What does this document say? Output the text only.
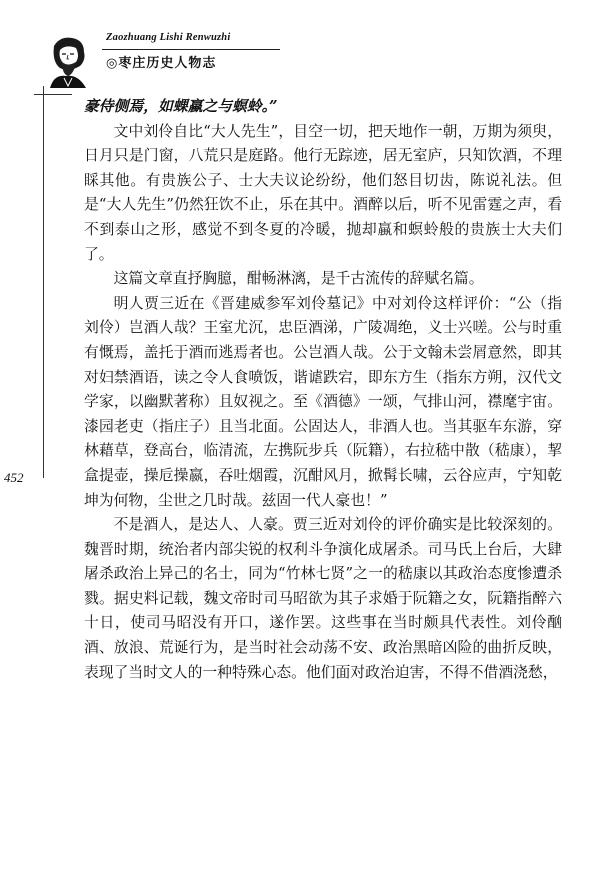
Zaozhuang Lishi Renwuzhi
◎枣庄历史人物志
452

豪侍侧焉，如蜾蠃之与螟蛉。”

文中刘伶自比“大人先生”，目空一切，把天地作一朝，万期为须臾，日月只是门窗，八荒只是庭路。他行无踪迹，居无室庐，只知饮酒，不理睬其他。有贵族公子、士大夫议论纷纷，他们怒目切齿，陈说礼法。但是“大人先生”仍然狂饮不止，乐在其中。酒醉以后，听不见雷霆之声，看不到泰山之形，感觉不到冬夏的冷暖，抛却蠃和螟蛉般的贵族士大夫们了。

这篇文章直抒胸臆，酣畅淋漓，是千古流传的辞赋名篇。

明人贾三近在《晋建威参军刘伶墓记》中对刘伶这样评价：“公（指刘伶）岂酒人哉？王室尤沉，忠臣酒涕，广陵凋绝，义士兴嗟。公与时重有慨焉，盖托于酒而逃焉者也。公岂酒人哉。公于文翰未尝屑意然，即其对妇禁酒语，读之令人食喷饭，谐谑跌宕，即东方生（指东方朔，汉代文学家，以幽默著称）且奴视之。至《酒德》一颂，气排山河，襟麾宇宙。漆园老吏（指庄子）且当北面。公固达人，非酒人也。当其驱车东游，穿林藉草，登高台，临清流，左携阮步兵（阮籍），右拉嵇中散（嵇康），挈盒提壶，操卮操嬴，吞吐烟霞，沉酣风月，掀髯长啸，云谷应声，宁知乾坤为何物，尘世之几时哉。兹固一代人豪也！”

不是酒人，是达人、人豪。贾三近对刘伶的评价确实是比较深刻的。魏晋时期，统治者内部尖锐的权利斗争演化成屠杀。司马氏上台后，大肆屠杀政治上异己的名士，同为“竹林七贤”之一的嵇康以其政治态度惨遭杀戮。据史料记载，魏文帝时司马昭欲为其子求婚于阮籍之女，阮籍指醉六十日，使司马昭没有开口，遂作罢。这些事在当时颇具代表性。刘伶酗酒、放浪、荒诞行为，是当时社会动荡不安、政治黑暗凶险的曲折反映，表现了当时文人的一种特殊心态。他们面对政治迫害，不得不借酒浇愁，
